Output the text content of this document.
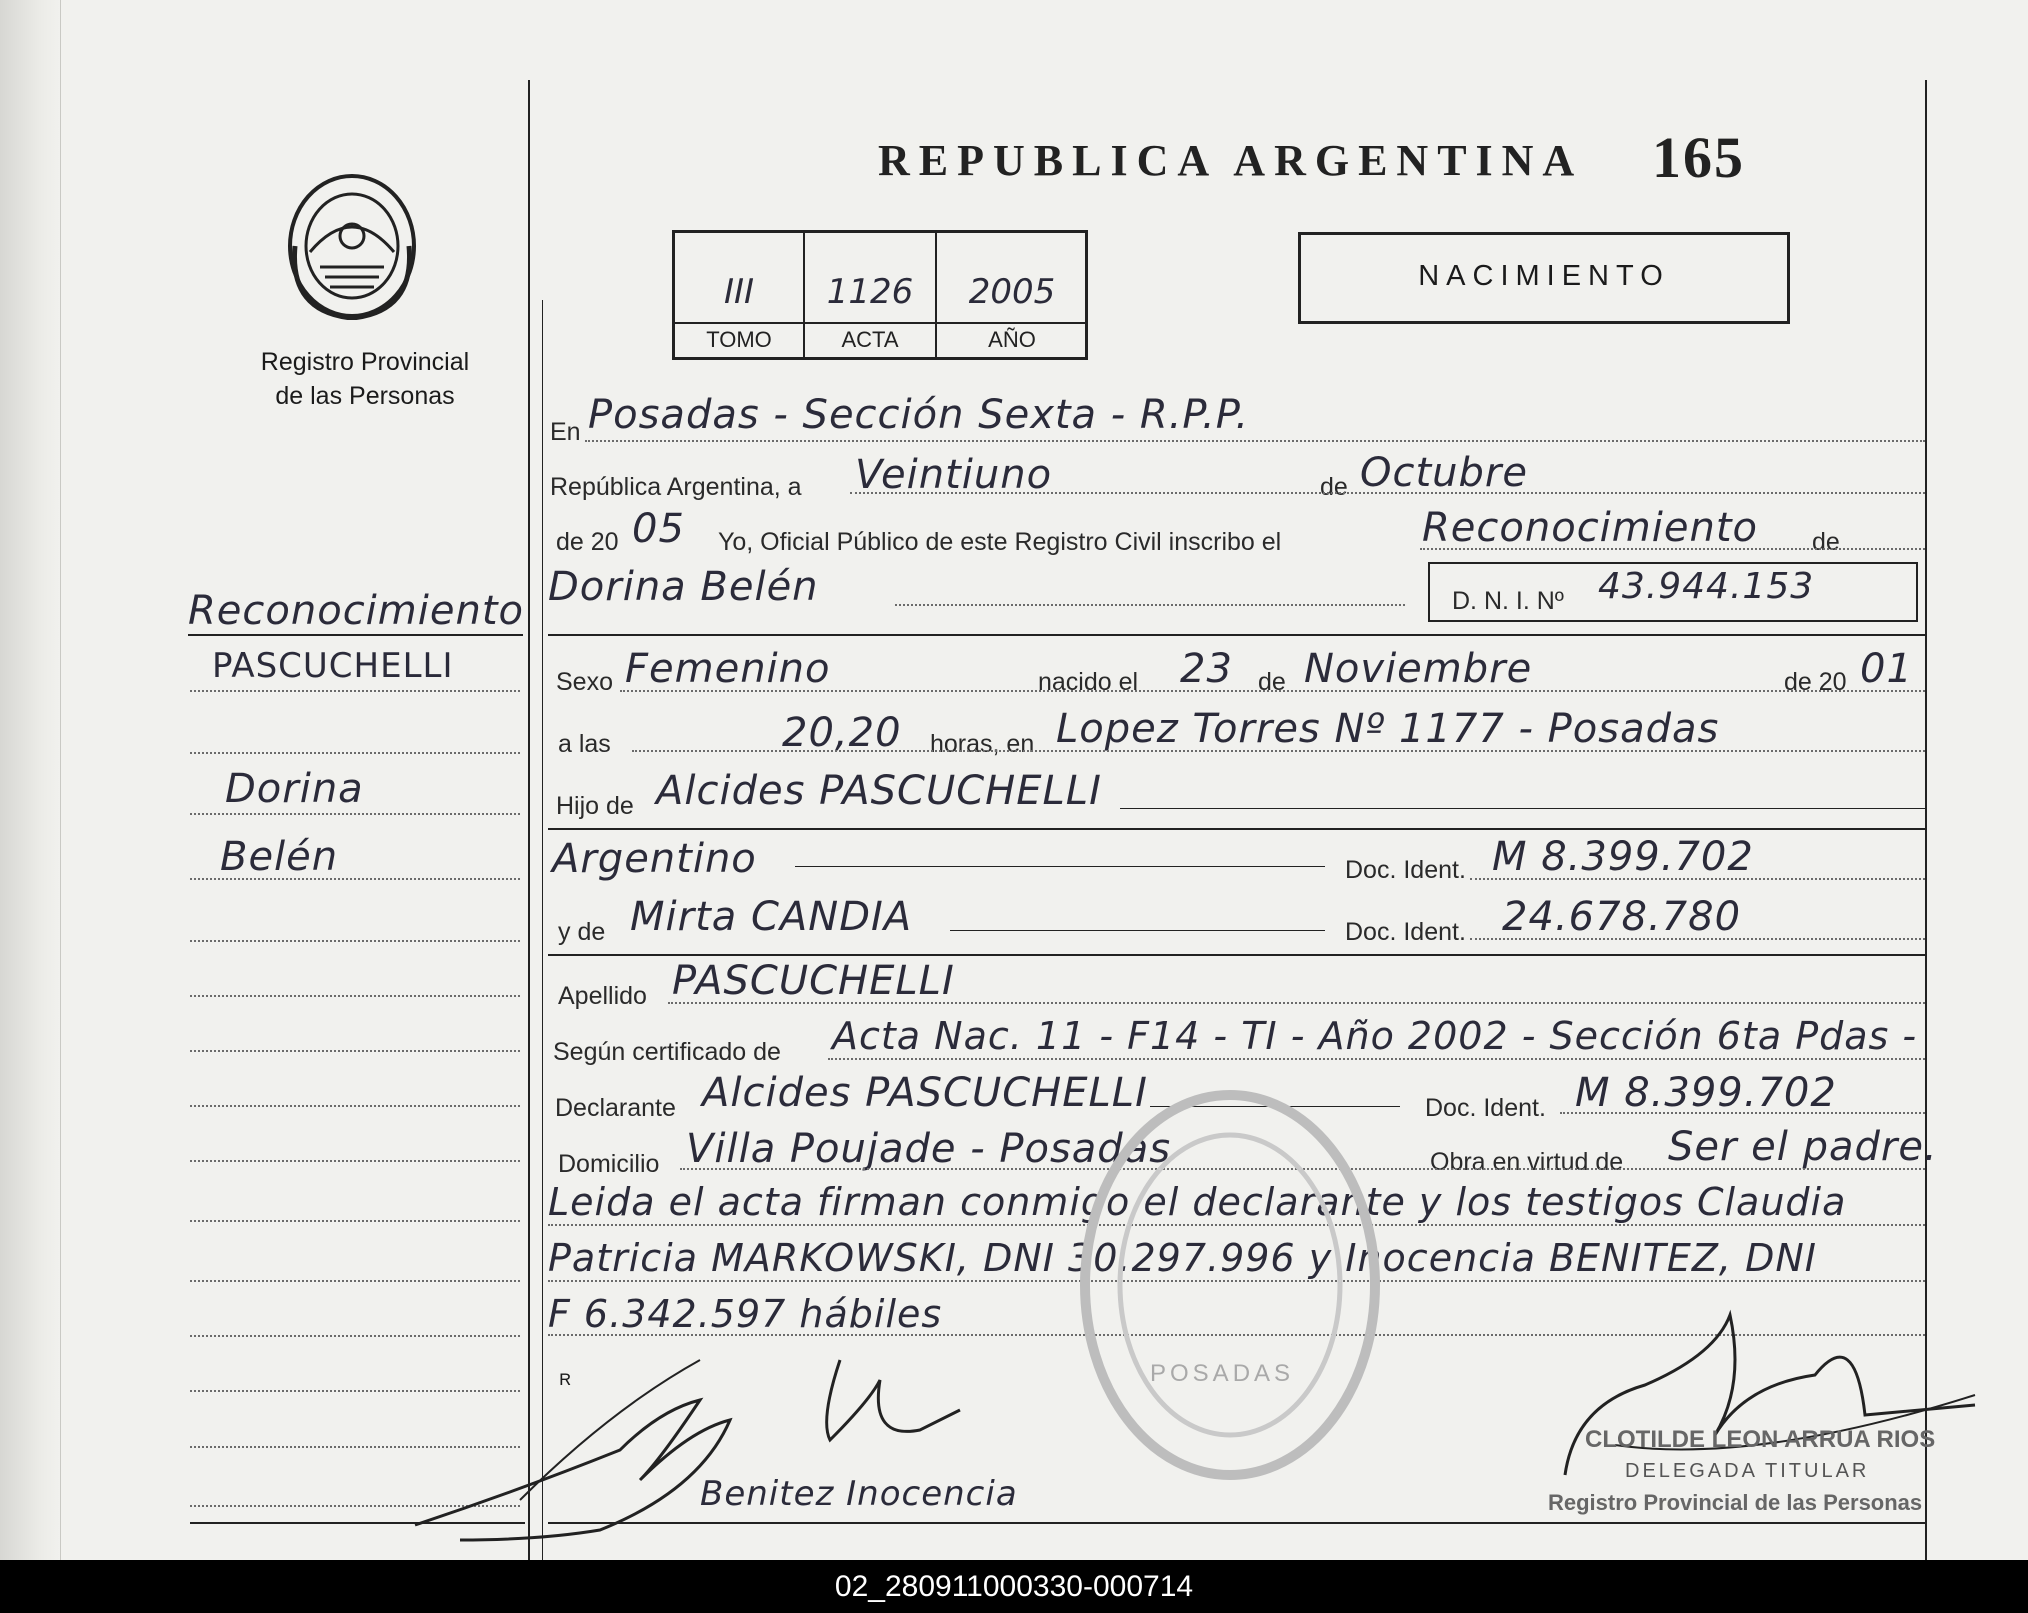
Registro Provincial
de las Personas
REPUBLICA ARGENTINA 165
III	1126	2005
TOMO	ACTA	AÑO
NACIMIENTO
Reconocimiento
PASCUCHELLI
Dorina
Belén
En Posadas - Sección Sexta - R.P.P.
República Argentina, a Veintiuno	de Octubre
de 20 05 Yo, Oficial Público de este Registro Civil inscribo el	Reconocimiento de
Dorina Belén	D. N. I. Nº 43.944.153
Sexo Femenino	nacido el 23 de Noviembre	de 20 01
a las	20,20 horas, en Lopez Torres Nº 1177 - Posadas
Hijo de Alcides PASCUCHELLI
Argentino	Doc. Ident. M 8.399.702
y de Mirta CANDIA	Doc. Ident. 24.678.780
Apellido PASCUCHELLI
Según certificado de Acta Nac. 11 - F14 - TI - Año 2002 - Sección 6ta Pdas -
Declarante Alcides PASCUCHELLI	Doc. Ident. M 8.399.702
Domicilio Villa Poujade - Posadas	Obra en virtud de Ser el padre.
Leida el acta firman conmigo el declarante y los testigos Claudia
Patricia MARKOWSKI, DNI 30.297.996 y Inocencia BENITEZ, DNI
F 6.342.597 hábiles
POSADAS
Benitez Inocencia
CLOTILDE LEON ARRUA RIOS
DELEGADA TITULAR
Registro Provincial de las Personas
ᴿ
02_280911000330-000714
